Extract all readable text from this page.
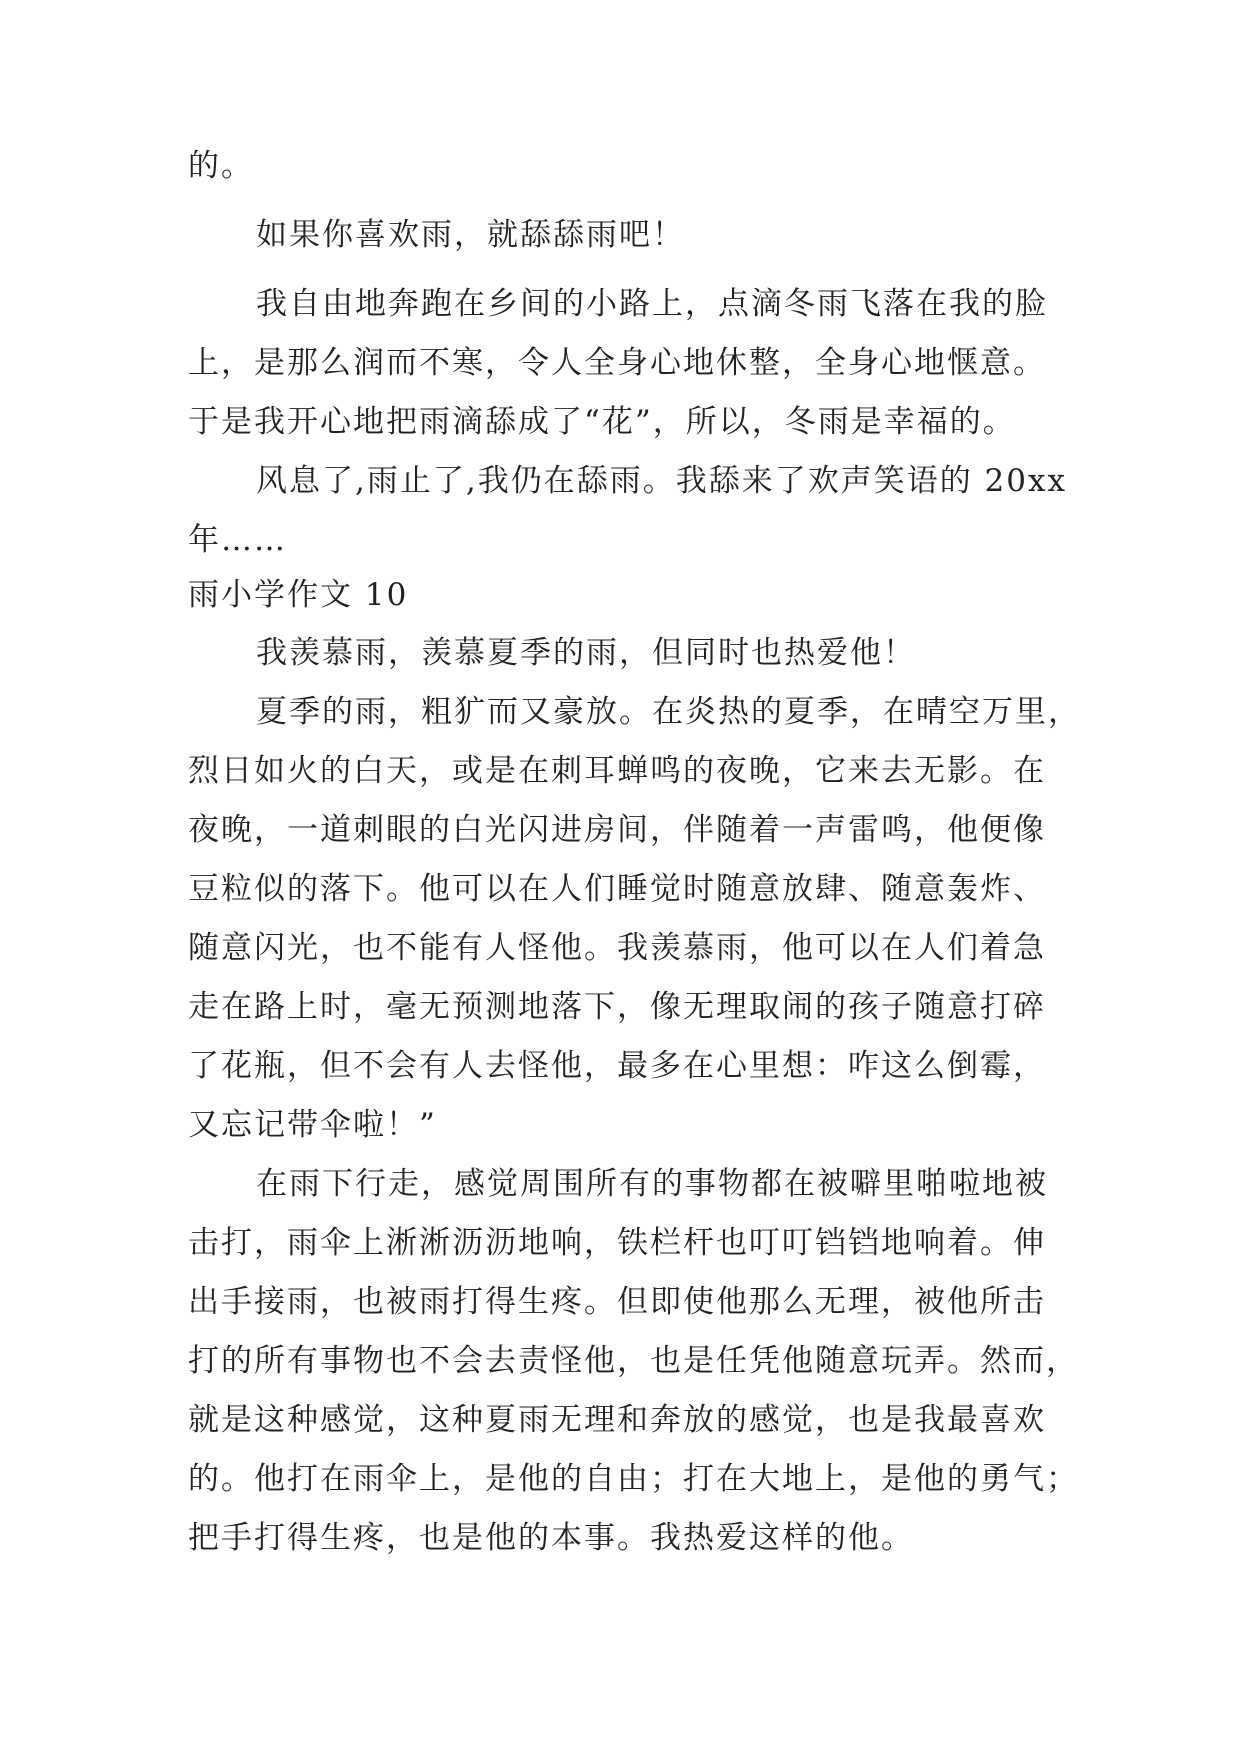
的。
如果你喜欢雨，就舔舔雨吧！
我自由地奔跑在乡间的小路上，点滴冬雨飞落在我的脸
上，是那么润而不寒，令人全身心地休整，全身心地惬意。
于是我开心地把雨滴舔成了“花”，所以，冬雨是幸福的。
风息了,雨止了,我仍在舔雨。我舔来了欢声笑语的 20xx
年……
雨小学作文 10
我羡慕雨，羡慕夏季的雨，但同时也热爱他！
夏季的雨，粗犷而又豪放。在炎热的夏季，在晴空万里，
烈日如火的白天，或是在刺耳蝉鸣的夜晚，它来去无影。在
夜晚，一道刺眼的白光闪进房间，伴随着一声雷鸣，他便像
豆粒似的落下。他可以在人们睡觉时随意放肆、随意轰炸、
随意闪光，也不能有人怪他。我羡慕雨，他可以在人们着急
走在路上时，毫无预测地落下，像无理取闹的孩子随意打碎
了花瓶，但不会有人去怪他，最多在心里想：咋这么倒霉，
又忘记带伞啦！”
在雨下行走，感觉周围所有的事物都在被噼里啪啦地被
击打，雨伞上淅淅沥沥地响，铁栏杆也叮叮铛铛地响着。伸
出手接雨，也被雨打得生疼。但即使他那么无理，被他所击
打的所有事物也不会去责怪他，也是任凭他随意玩弄。然而，
就是这种感觉，这种夏雨无理和奔放的感觉，也是我最喜欢
的。他打在雨伞上，是他的自由；打在大地上，是他的勇气；
把手打得生疼，也是他的本事。我热爱这样的他。
